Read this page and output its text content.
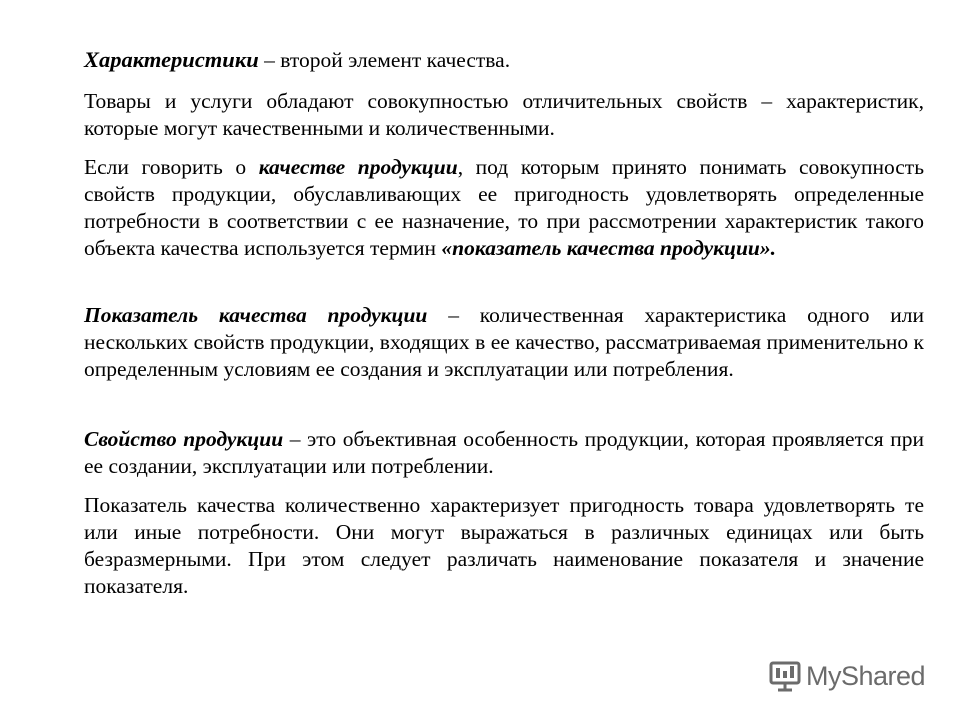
Характеристики – второй элемент качества.

Товары и услуги обладают совокупностью отличительных свойств – характеристик, которые могут качественными и количественными.

Если говорить о качестве продукции, под которым принято понимать совокупность свойств продукции, обуславливающих ее пригодность удовлетворять определенные потребности в соответствии с ее назначение, то при рассмотрении характеристик такого объекта качества используется термин «показатель качества продукции».

Показатель качества продукции – количественная характеристика одного или нескольких свойств продукции, входящих в ее качество, рассматриваемая применительно к определенным условиям ее создания и эксплуатации или потребления.

Свойство продукции – это объективная особенность продукции, которая проявляется при ее создании, эксплуатации или потреблении.

Показатель качества количественно характеризует пригодность товара удовлетворять те или иные потребности. Они могут выражаться в различных единицах или быть безразмерными. При этом следует различать наименование показателя и значение показателя.

MyShared
